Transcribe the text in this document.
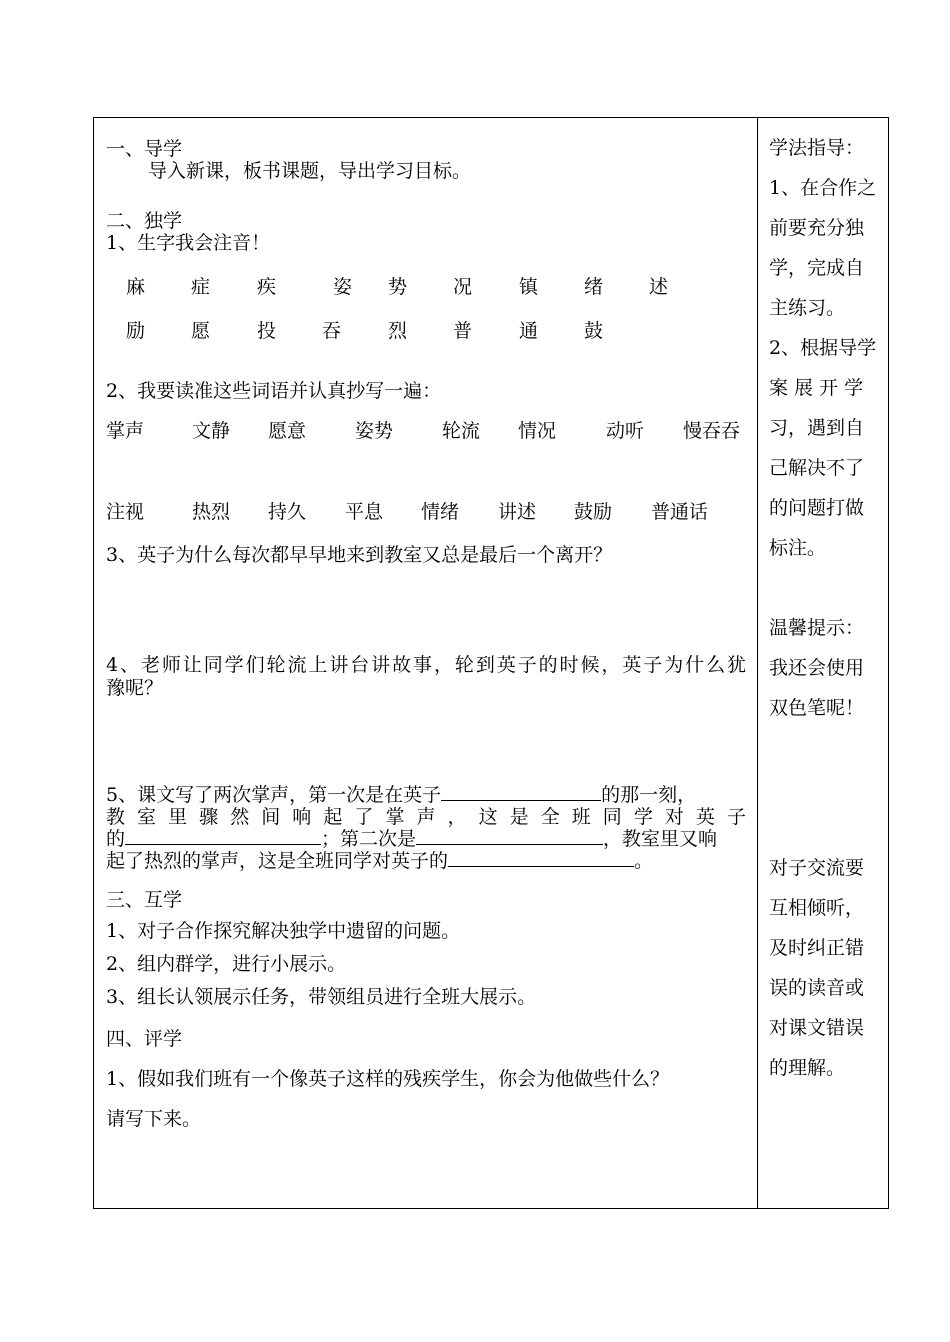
一、导学
导入新课，板书课题，导出学习目标。
二、独学
1、生字我会注音！
麻 症 疾	姿 势 况 镇 绪 述
励 愿 投 吞 烈 普 通 鼓
2、我要读准这些词语并认真抄写一遍：
掌声	文静 愿意	姿势	轮流 情况	动听 慢吞吞
注视	热烈 持久 平息 情绪 讲述 鼓励 普通话
3、英子为什么每次都早早地来到教室又总是最后一个离开？
4、老师让同学们轮流上讲台讲故事，轮到英子的时候，英子为什么犹
豫呢？
5、课文写了两次掌声，第一次是在英子	的那一刻，
教室里骤然间响起了掌声，这是全班同学对英子
的	；第二次是	，教室里又响
起了热烈的掌声，这是全班同学对英子的	。
三、互学
1、对子合作探究解决独学中遗留的问题。
2、组内群学，进行小展示。
3、组长认领展示任务，带领组员进行全班大展示。
四、评学
1、假如我们班有一个像英子这样的残疾学生，你会为他做些什么？
请写下来。
学法指导：
1、在合作之
前要充分独
学，完成自
主练习。
2、根据导学
案 展 开 学
习，遇到自
己解决不了
的问题打做
标注。
温馨提示：
我还会使用
双色笔呢！
对子交流要
互相倾听，
及时纠正错
误的读音或
对课文错误
的理解。
